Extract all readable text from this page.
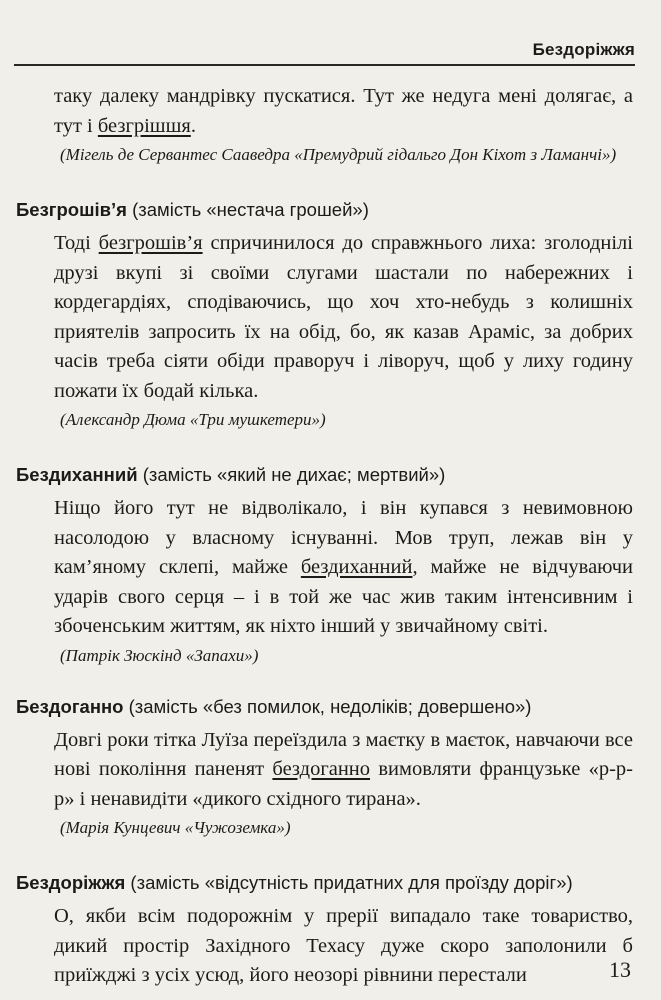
Бездоріжжя

таку далеку мандрівку пускатися. Тут же недуга мені долягає, а тут і безгрішшя.

(Мігель де Сервантес Сааведра «Премудрий гідальго Дон Кіхот з Ламанчі»)

Безгрошів’я (замість «нестача грошей»)

Тоді безгрошів’я спричинилося до справжнього лиха: зголоднілі друзі вкупі зі своїми слугами шастали по набережних і кордегардіях, сподіваючись, що хоч хто-небудь з колишніх приятелів запросить їх на обід, бо, як казав Араміс, за добрих часів треба сіяти обіди праворуч і ліворуч, щоб у лиху годину пожати їх бодай кілька.

(Александр Дюма «Три мушкетери»)

Бездиханний (замість «який не дихає; мертвий»)

Ніщо його тут не відволікало, і він купався з невимовною насолодою у власному існуванні. Мов труп, лежав він у кам’яному склепі, майже бездиханний, майже не відчуваючи ударів свого серця – і в той же час жив таким інтенсивним і збоченським життям, як ніхто інший у звичайному світі.

(Патрік Зюскінд «Запахи»)

Бездоганно (замість «без помилок, недоліків; довершено»)

Довгі роки тітка Луїза переїздила з маєтку в маєток, навчаючи все нові покоління паненят бездоганно вимовляти французьке «р-р-р» і ненавидіти «дикого східного тирана».

(Марія Кунцевич «Чужоземка»)

Бездоріжжя (замість «відсутність придатних для проїзду доріг»)

О, якби всім подорожнім у прерії випадало таке товариство, дикий простір Західного Техасу дуже скоро заполонили б приїжджі з усіх усюд, його неозорі рівнини перестали	13
